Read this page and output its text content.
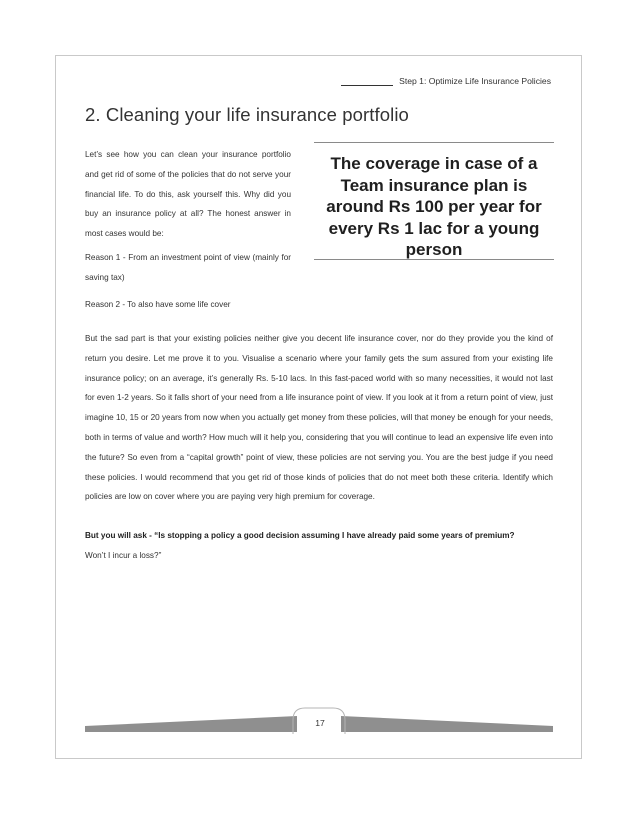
Step 1: Optimize Life Insurance Policies
2. Cleaning your life insurance portfolio

Let’s see how you can clean your insurance portfolio and get rid of some of the policies that do not serve your financial life. To do this, ask yourself this. Why did you buy an insurance policy at all? The honest answer in most cases would be:

Reason 1 - From an investment point of view (mainly for saving tax)

The coverage in case of a Team insurance plan is around Rs 100 per year for every Rs 1 lac for a young person
Reason 2 - To also have some life cover

But the sad part is that your existing policies neither give you decent life insurance cover, nor do they provide you the kind of return you desire. Let me prove it to you. Visualise a scenario where your family gets the sum assured from your existing life insurance policy; on an average, it’s generally Rs. 5-10 lacs. In this fast-paced world with so many necessities, it would not last for even 1-2 years. So it falls short of your need from a life insurance point of view. If you look at it from a return point of view, just imagine 10, 15 or 20 years from now when you actually get money from these policies, will that money be enough for your needs, both in terms of value and worth? How much will it help you, considering that you will continue to lead an expensive life even into the future? So even from a “capital growth” point of view, these policies are not serving you. You are the best judge if you need these policies. I would recommend that you get rid of those kinds of policies that do not meet both these criteria. Identify which policies are low on cover where you are paying very high premium for coverage.

But you will ask - “Is stopping a policy a good decision assuming I have already paid some years of premium?
Won’t I incur a loss?”

17
